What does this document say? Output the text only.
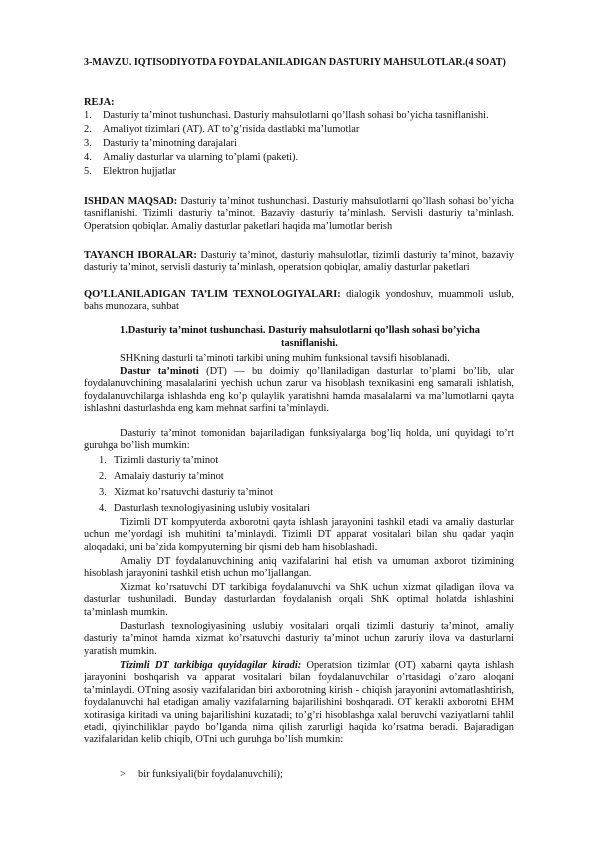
3-MAVZU. IQTISODIYOTDA FOYDALANILADIGAN DASTURIY MAHSULOTLAR.(4 SOAT)
REJA:
1. Dasturiy ta’minot tushunchasi. Dasturiy mahsulotlarni qo’llash sohasi bo’yicha tasniflanishi.
2. Amaliyot tizimlari (AT). AT to’g’risida dastlabki ma’lumotlar
3. Dasturiy ta’minotning darajalari
4. Amaliy dasturlar va ularning to’plami (paketi).
5. Elektron hujjatlar
ISHDAN MAQSAD: Dasturiy ta’minot tushunchasi. Dasturiy mahsulotlarni qo’llash sohasi bo’yicha tasniflanishi. Tizimli dasturiy ta’minot. Bazaviy dasturiy ta’minlash. Servisli dasturiy ta’minlash. Operatsion qobiqlar. Amaliy dasturlar paketlari haqida ma’lumotlar berish
TAYANCH IBORALAR: Dasturiy ta’minot, dasturiy mahsulotlar, tizimli dasturiy ta’minot, bazaviy dasturiy ta’minot, servisli dasturiy ta’minlash, operatsion qobiqlar, amaliy dasturlar paketlari
QO’LLANILADIGAN TA’LIM TEXNOLOGIYALARI: dialogik yondoshuv, muammoli uslub, bahs munozara, suhbat
1.Dasturiy ta’minot tushunchasi. Dasturiy mahsulotlarni qo’llash sohasi bo’yicha
tasniflanishi.
SHKning dasturli ta’minoti tarkibi uning muhim funksional tavsifi hisoblanadi.
Dastur ta’minoti (DT) — bu doimiy qo’llaniladigan dasturlar to’plami bo’lib, ular foydalanuvchining masalalarini yechish uchun zarur va hisoblash texnikasini eng samarali ishlatish, foydalanuvchilarga ishlashda eng ko’p qulaylik yaratishni hamda masalalarni va ma’lumotlarni qayta ishlashni dasturlashda eng kam mehnat sarfini ta’minlaydi.
Dasturiy ta’minot tomonidan bajariladigan funksiyalarga bog’liq holda, uni quyidagi to’rt guruhga bo’lish mumkin:
1. Tizimli dasturiy ta’minot
2. Amalaiy dasturiy ta’minot
3. Xizmat ko’rsatuvchi dasturiy ta’minot
4. Dasturlash texnologiyasining uslubiy vositalari
Tizimli DT kompyuterda axborotni qayta ishlash jarayonini tashkil etadi va amaliy dasturlar uchun me’yordagi ish muhitini ta’minlaydi. Tizimli DT apparat vositalari bilan shu qadar yaqin aloqadaki, uni ba’zida kompyuterning bir qismi deb ham hisoblashadi.
Amaliy DT foydalanuvchining aniq vazifalarini hal etish va umuman axborot tizimining hisoblash jarayonini tashkil etish uchun mo’ljallangan.
Xizmat ko’rsatuvchi DT tarkibiga foydalanuvchi va ShK uchun xizmat qiladigan ilova va dasturlar tushuniladi. Bunday dasturlardan foydalanish orqali ShK optimal holatda ishlashini ta’minlash mumkin.
Dasturlash texnologiyasining uslubiy vositalari orqali tizimli dasturiy ta’minot, amaliy dasturiy ta’minot hamda xizmat ko’rsatuvchi dasturiy ta’minot uchun zaruriy ilova va dasturlarni yaratish mumkin.
Tizimli DT tarkibiga quyidagilar kiradi: Operatsion tizimlar (OT) xabarni qayta ishlash jarayonini boshqarish va apparat vositalari bilan foydalanuvchilar o’rtasidagi o’zaro aloqani ta’minlaydi. OTning asosiy vazifalaridan biri axborotning kirish - chiqish jarayonini avtomatlashtirish, foydalanuvchi hal etadigan amaliy vazifalarning bajarilishini boshqaradi. OT kerakli axborotni EHM xotirasiga kiritadi va uning bajarilishini kuzatadi; to’g’ri hisoblashga xalal beruvchi vaziyatlarni tahlil etadi, qiyinchiliklar paydo bo’lganda nima qilish zarurligi haqida ko’rsatma beradi. Bajaradigan vazifalaridan kelib chiqib, OTni uch guruhga bo’lish mumkin:
> bir funksiyali(bir foydalanuvchili);
